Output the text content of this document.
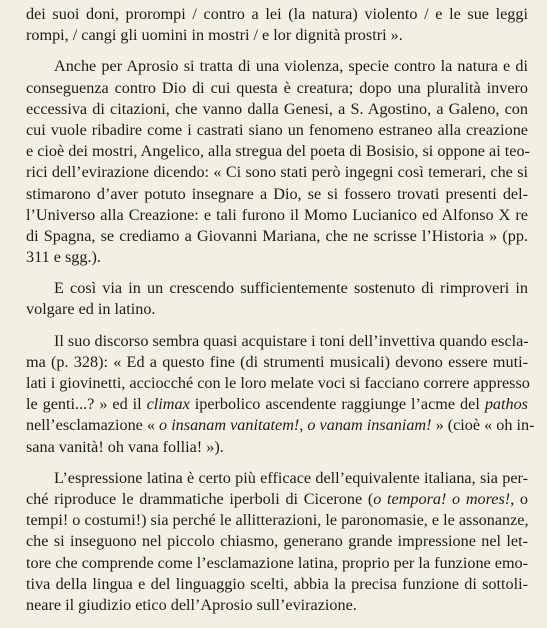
dei suoi doni, prorompi / contro a lei (la natura) violento / e le sue leggi
rompi, / cangi gli uomini in mostri / e lor dignità prostri ».
Anche per Aprosio si tratta di una violenza, specie contro la natura e di
conseguenza contro Dio di cui questa è creatura; dopo una pluralità invero
eccessiva di citazioni, che vanno dalla Genesi, a S. Agostino, a Galeno, con
cui vuole ribadire come i castrati siano un fenomeno estraneo alla creazione
e cioè dei mostri, Angelico, alla stregua del poeta di Bosisio, si oppone ai teo-
rici dell’evirazione dicendo: « Ci sono stati però ingegni così temerari, che si
stimarono d’aver potuto insegnare a Dio, se si fossero trovati presenti del-
l’Universo alla Creazione: e tali furono il Momo Lucianico ed Alfonso X re
di Spagna, se crediamo a Giovanni Mariana, che ne scrisse l’Historia » (pp.
311 e sgg.).
E così via in un crescendo sufficientemente sostenuto di rimproveri in
volgare ed in latino.
Il suo discorso sembra quasi acquistare i toni dell’invettiva quando escla-
ma (p. 328): « Ed a questo fine (di strumenti musicali) devono essere muti-
lati i giovinetti, acciocché con le loro melate voci si facciano correre appresso
le genti...? » ed il climax iperbolico ascendente raggiunge l’acme del pathos
nell’esclamazione « o insanam vanitatem!, o vanam insaniam! » (cioè « oh in-
sana vanità! oh vana follia! »).
L’espressione latina è certo più efficace dell’equivalente italiana, sia per-
ché riproduce le drammatiche iperboli di Cicerone (o tempora! o mores!, o
tempi! o costumi!) sia perché le allitterazioni, le paronomasie, e le assonanze,
che si inseguono nel piccolo chiasmo, generano grande impressione nel let-
tore che comprende come l’esclamazione latina, proprio per la funzione emo-
tiva della lingua e del linguaggio scelti, abbia la precisa funzione di sottoli-
neare il giudizio etico dell’Aprosio sull’evirazione.
